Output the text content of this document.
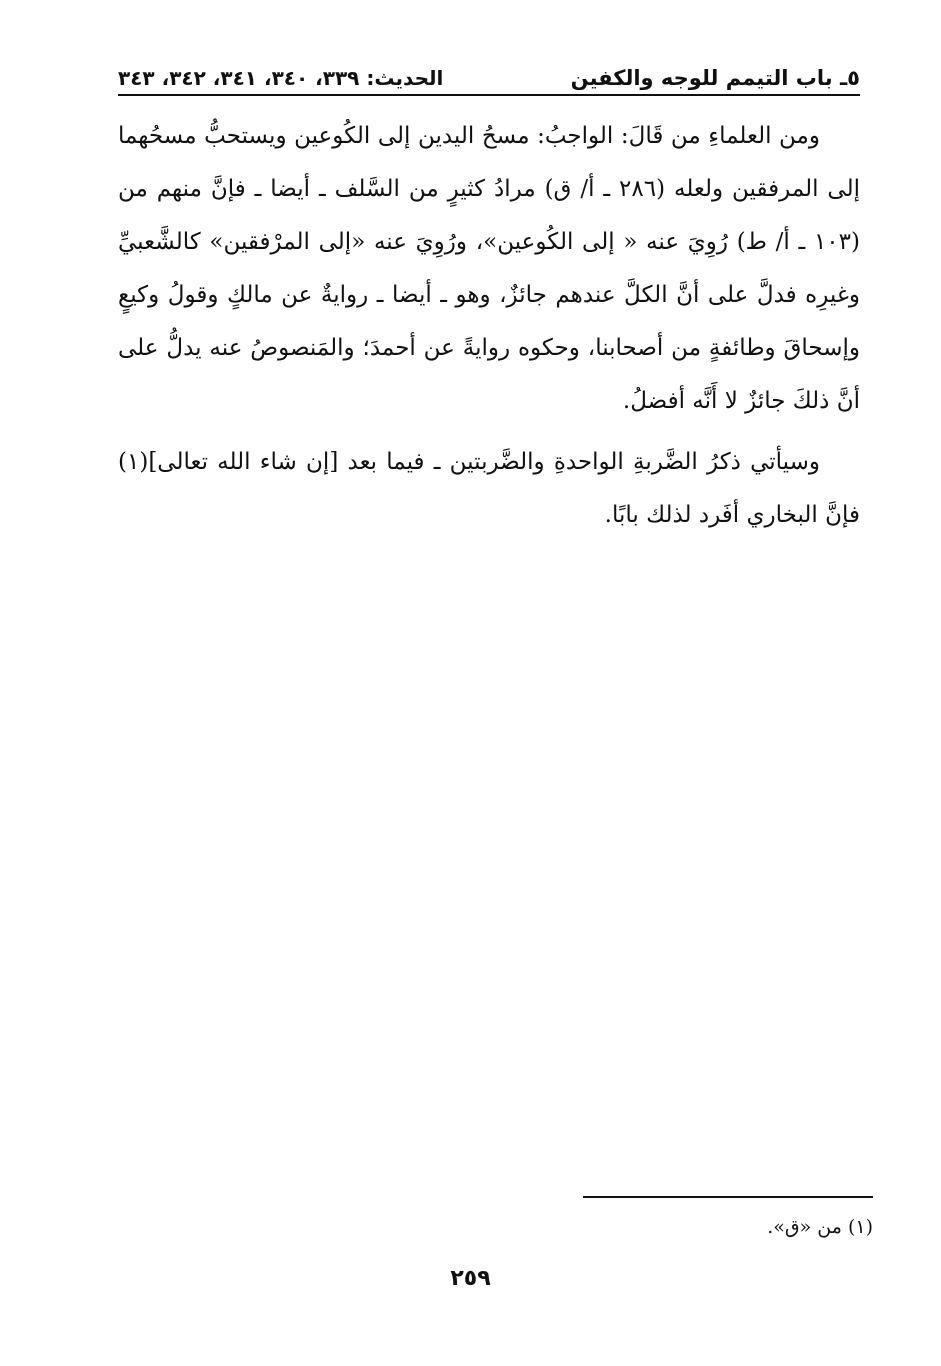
٥ـ باب التيمم للوجه والكفين
الحديث: ٣٣٩، ٣٤٠، ٣٤١، ٣٤٢، ٣٤٣

ومن العلماءِ من قَالَ: الواجبُ: مسحُ اليدين إلى الكُوعين ويستحبُّ مسحُهما إلى المرفقين ولعله (٢٨٦ ـ أ/ ق) مرادُ كثيرٍ من السَّلف ـ أيضا ـ فإنَّ منهم من (١٠٣ ـ أ/ ط) رُوِيَ عنه « إلى الكُوعين»، ورُوِيَ عنه «إلى المرْفقين» كالشَّعبيِّ وغيرِه فدلَّ على أنَّ الكلَّ عندهم جائزٌ، وهو ـ أيضا ـ روايةٌ عن مالكٍ وقولُ وكيعٍ وإسحاقَ وطائفةٍ من أصحابنا، وحكوه روايةً عن أحمدَ؛ والمَنصوصُ عنه يدلُّ على أنَّ ذلكَ جائزٌ لا أَنَّه أفضلُ.

وسيأتي ذكرُ الضَّربةِ الواحدةِ والضَّربتين ـ فيما بعد [إن شاء الله تعالى](١) فإنَّ البخاري أفَرد لذلك بابًا.

(١) من «ق».
٢٥٩
